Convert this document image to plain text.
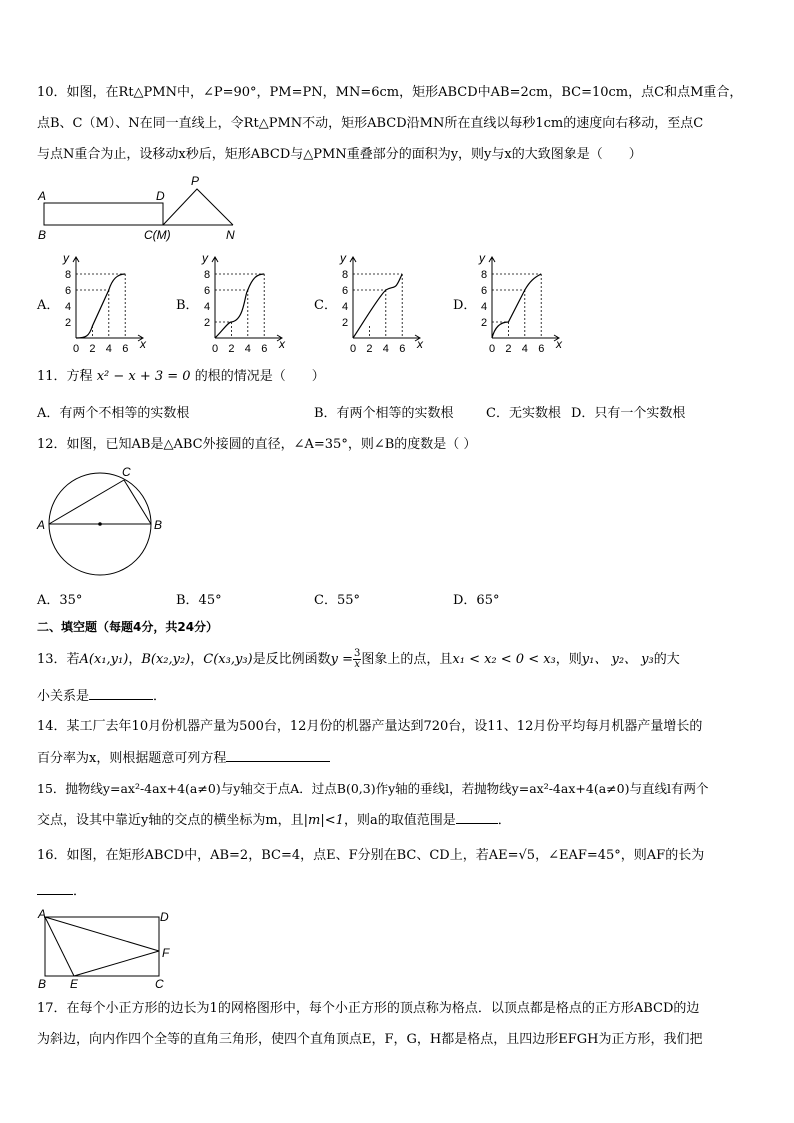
10．如图，在Rt△PMN中，∠P=90°，PM=PN，MN=6cm，矩形ABCD中AB=2cm，BC=10cm，点C和点M重合，
点B、C（M）、N在同一直线上，令Rt△PMN不动，矩形ABCD沿MN所在直线以每秒1cm的速度向右移动，至点C
与点N重合为止，设移动x秒后，矩形ABCD与△PMN重叠部分的面积为y，则y与x的大致图象是（　　）
A	D
P
B	C(M)	N
A．	B．	C．	D．
2
4
6
8
0 2 4 6
y
x
2
4
6
8
0 2 4 6
y
x
2
4
6
8
0 2 4 6
y
x
2
4
6
8
0 2 4 6
y
x
11．方程 x² − x + 3 = 0 的根的情况是（　　）
A．有两个不相等的实数根	B．有两个相等的实数根 C．无实数根 D．只有一个实数根
12．如图，已知AB是△ABC外接圆的直径，∠A=35°，则∠B的度数是（ ）
A	B
C
A．35°	B．45°	C．55°	D．65°
二、填空题（每题4分，共24分）
13．若A(x₁,y₁)，B(x₂,y₂)，C(x₃,y₃)是反比例函数$y = \frac{3}{x}$ 图象上的点，且x₁ < x₂ < 0 < x₃，则y₁、 y₂、 y₃的大
小关系是	．
14．某工厂去年10月份机器产量为500台，12月份的机器产量达到720台，设11、12月份平均每月机器产量增长的
百分率为x，则根据题意可列方程
15．抛物线y=ax²-4ax+4(a≠0)与y轴交于点A．过点B(0,3)作y轴的垂线l，若抛物线y=ax²-4ax+4(a≠0)与直线l有两个
交点，设其中靠近y轴的交点的横坐标为m，且|m|<1，则a的取值范围是	．
16．如图，在矩形ABCD中，AB=2，BC=4，点E、F分别在BC、CD上，若AE=√5，∠EAF=45°，则AF的长为
．
A	D
F
B E	C
17．在每个小正方形的边长为1的网格图形中，每个小正方形的顶点称为格点．以顶点都是格点的正方形ABCD的边
为斜边，向内作四个全等的直角三角形，使四个直角顶点E，F，G，H都是格点，且四边形EFGH为正方形，我们把
